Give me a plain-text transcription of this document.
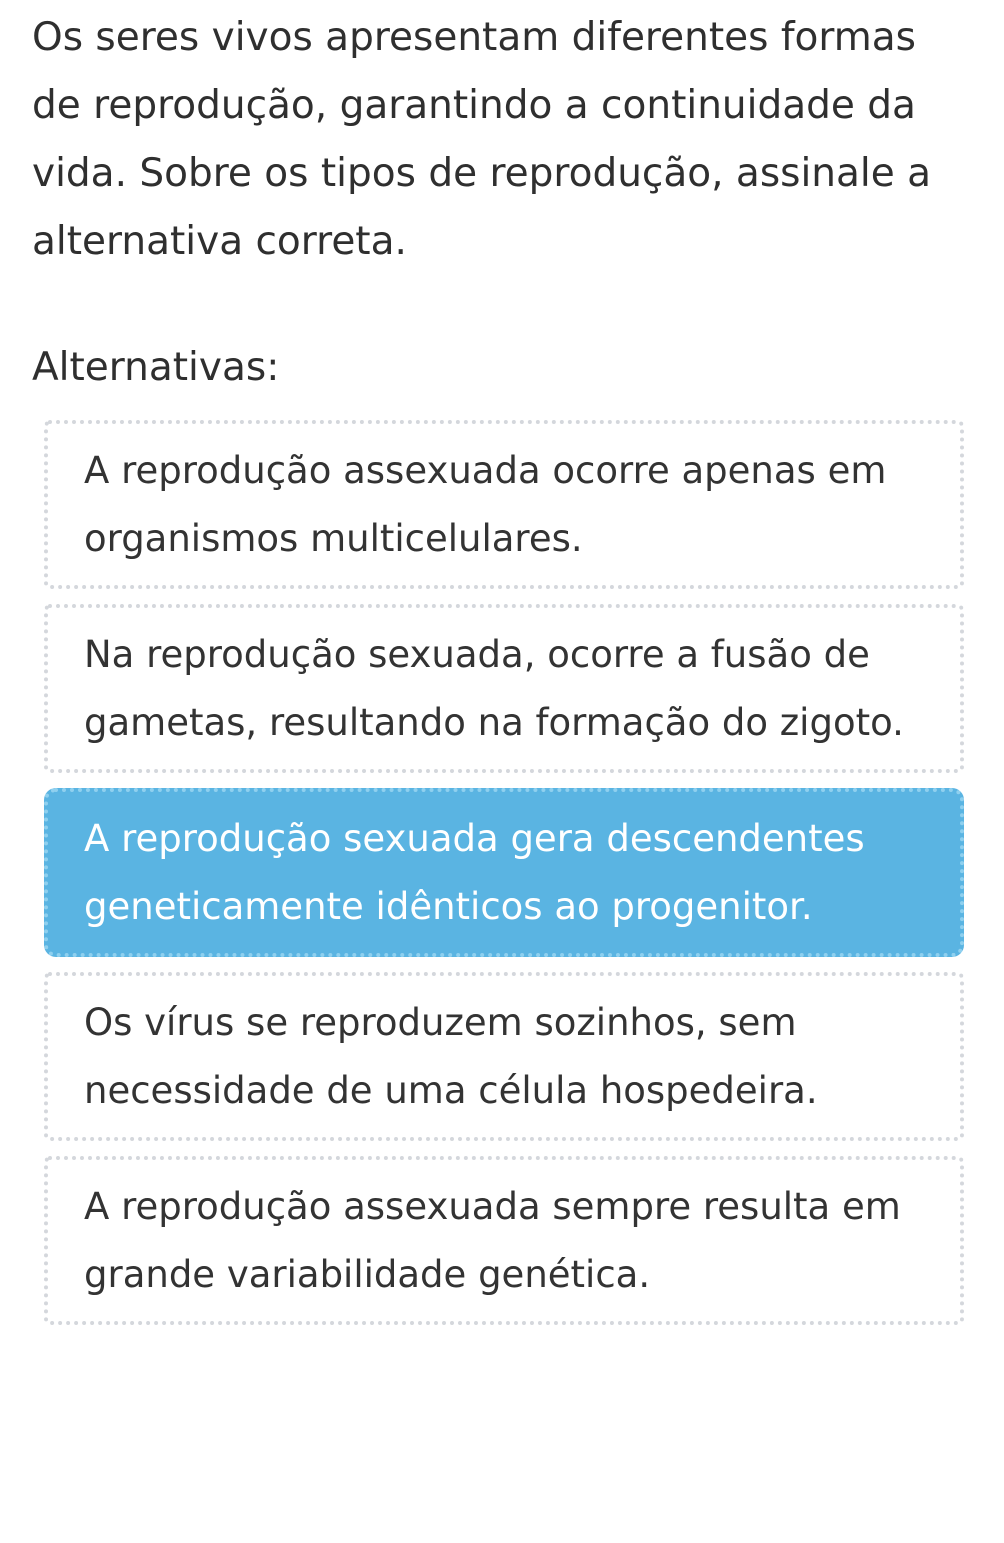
Os seres vivos apresentam diferentes formas de reprodução, garantindo a continuidade da vida. Sobre os tipos de reprodução, assinale a alternativa correta.

Alternativas:

A reprodução assexuada ocorre apenas em organismos multicelulares.
Na reprodução sexuada, ocorre a fusão de gametas, resultando na formação do zigoto.
A reprodução sexuada gera descendentes geneticamente idênticos ao progenitor.
Os vírus se reproduzem sozinhos, sem necessidade de uma célula hospedeira.
A reprodução assexuada sempre resulta em grande variabilidade genética.
